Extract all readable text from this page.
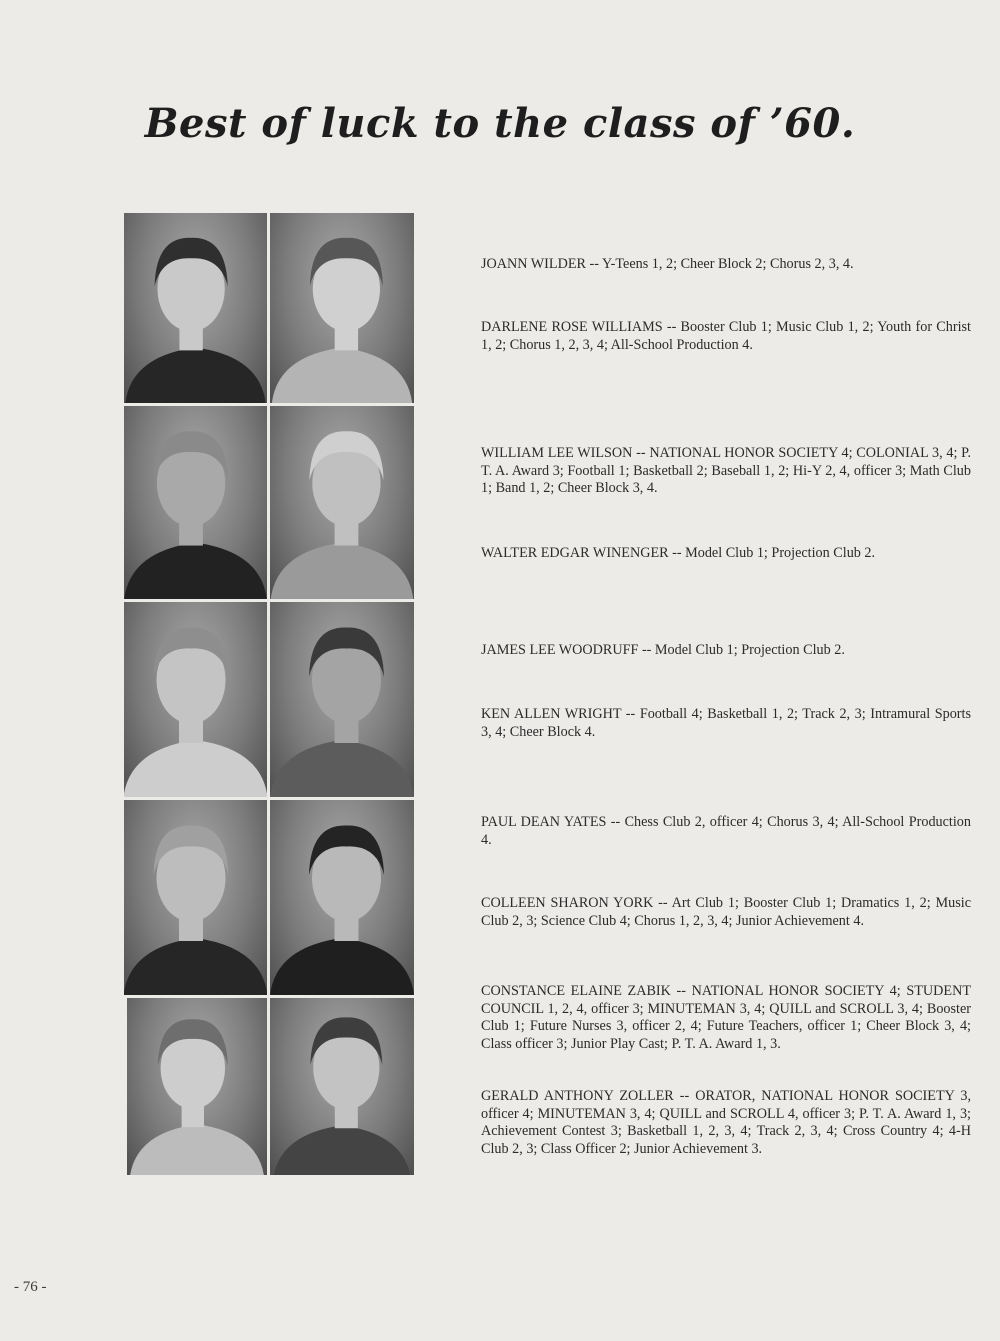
Best of luck to the class of ’60.
JOANN WILDER -- Y-Teens 1, 2; Cheer Block 2; Chorus 2, 3, 4.
DARLENE ROSE WILLIAMS -- Booster Club 1; Music Club 1, 2; Youth for Christ 1, 2; Chorus 1, 2, 3, 4; All-School Production 4.
WILLIAM LEE WILSON -- NATIONAL HONOR SOCIETY 4; COLONIAL 3, 4; P. T. A. Award 3; Football 1; Basketball 2; Baseball 1, 2; Hi-Y 2, 4, officer 3; Math Club 1; Band 1, 2; Cheer Block 3, 4.
WALTER EDGAR WINENGER -- Model Club 1; Projection Club 2.
JAMES LEE WOODRUFF -- Model Club 1; Projection Club 2.
KEN ALLEN WRIGHT -- Football 4; Basketball 1, 2; Track 2, 3; Intramural Sports 3, 4; Cheer Block 4.
PAUL DEAN YATES -- Chess Club 2, officer 4; Chorus 3, 4; All-School Production 4.
COLLEEN SHARON YORK -- Art Club 1; Booster Club 1; Dramatics 1, 2; Music Club 2, 3; Science Club 4; Chorus 1, 2, 3, 4; Junior Achievement 4.
CONSTANCE ELAINE ZABIK -- NATIONAL HONOR SOCIETY 4; STUDENT COUNCIL 1, 2, 4, officer 3; MINUTEMAN 3, 4; QUILL and SCROLL 3, 4; Booster Club 1; Future Nurses 3, officer 2, 4; Future Teachers, officer 1; Cheer Block 3, 4; Class officer 3; Junior Play Cast; P. T. A. Award 1, 3.
GERALD ANTHONY ZOLLER -- ORATOR, NATIONAL HONOR SOCIETY 3, officer 4; MINUTEMAN 3, 4; QUILL and SCROLL 4, officer 3; P. T. A. Award 1, 3; Achievement Contest 3; Basketball 1, 2, 3, 4; Track 2, 3, 4; Cross Country 4; 4-H Club 2, 3; Class Officer 2; Junior Achievement 3.
- 76 -
